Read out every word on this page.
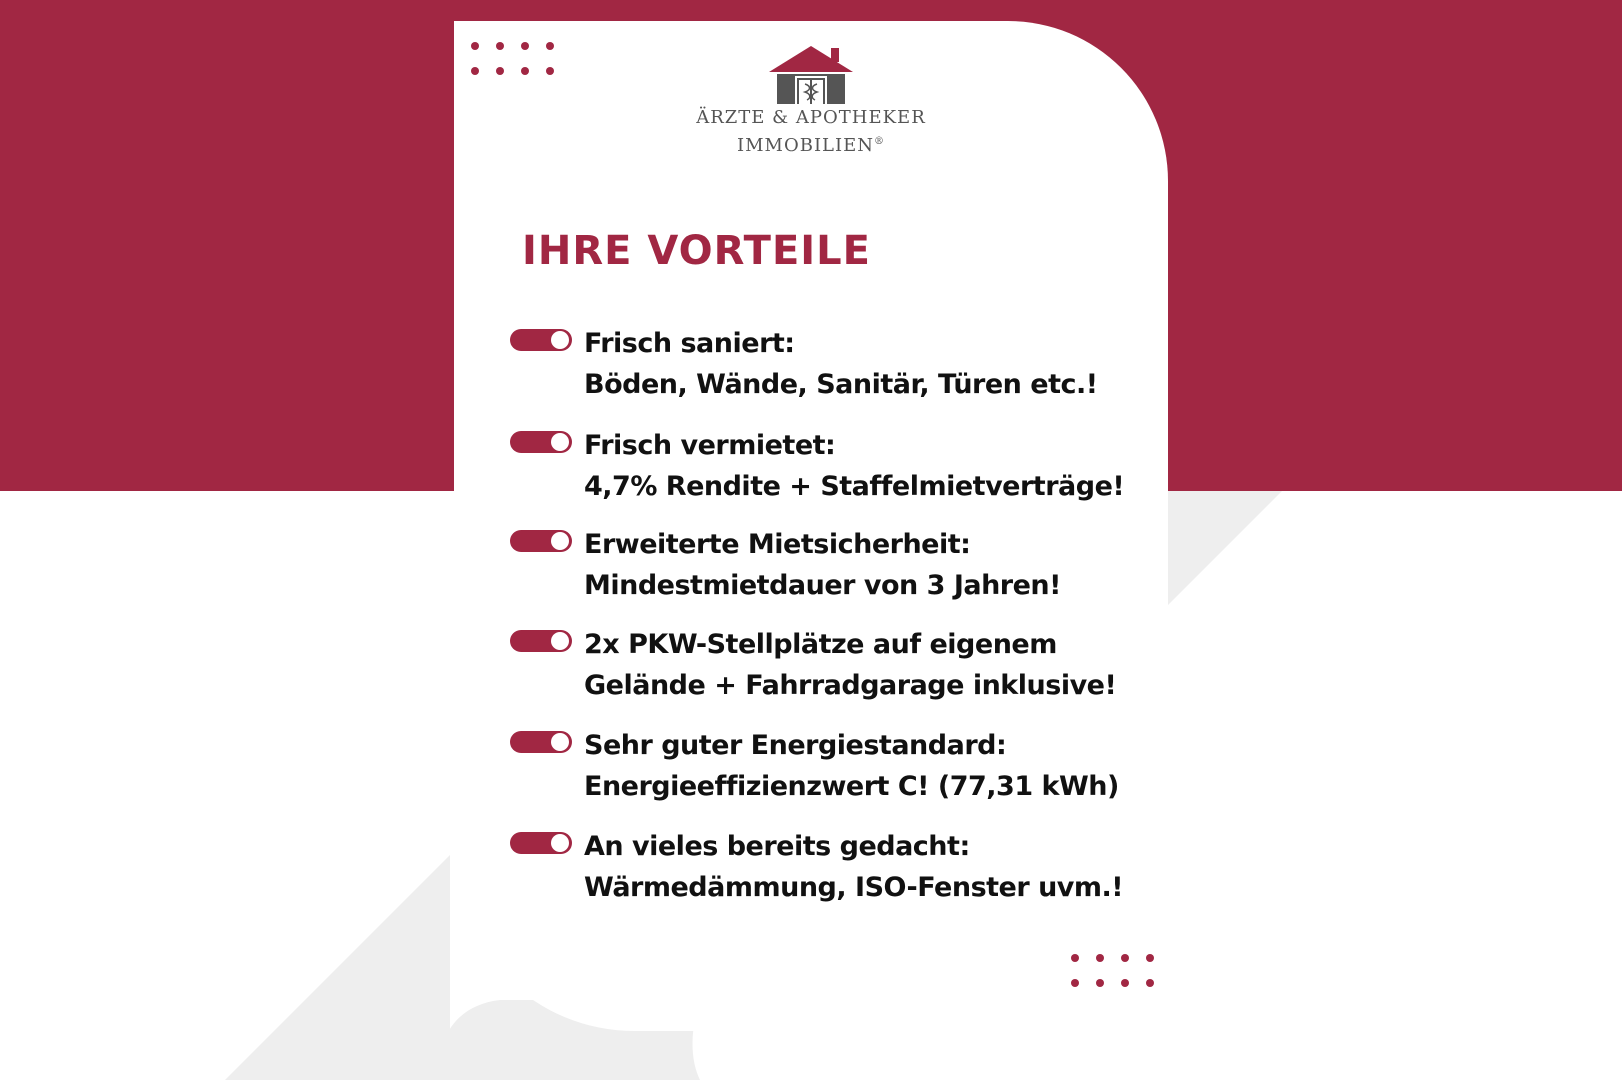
ÄRZTE & APOTHEKER
IMMOBILIEN®
IHRE VORTEILE
Frisch saniert:
Böden, Wände, Sanitär, Türen etc.!
Frisch vermietet:
4,7% Rendite + Staffelmietverträge!
Erweiterte Mietsicherheit:
Mindestmietdauer von 3 Jahren!
2x PKW-Stellplätze auf eigenem
Gelände + Fahrradgarage inklusive!
Sehr guter Energiestandard:
Energieeffizienzwert C! (77,31 kWh)
An vieles bereits gedacht:
Wärmedämmung, ISO-Fenster uvm.!
